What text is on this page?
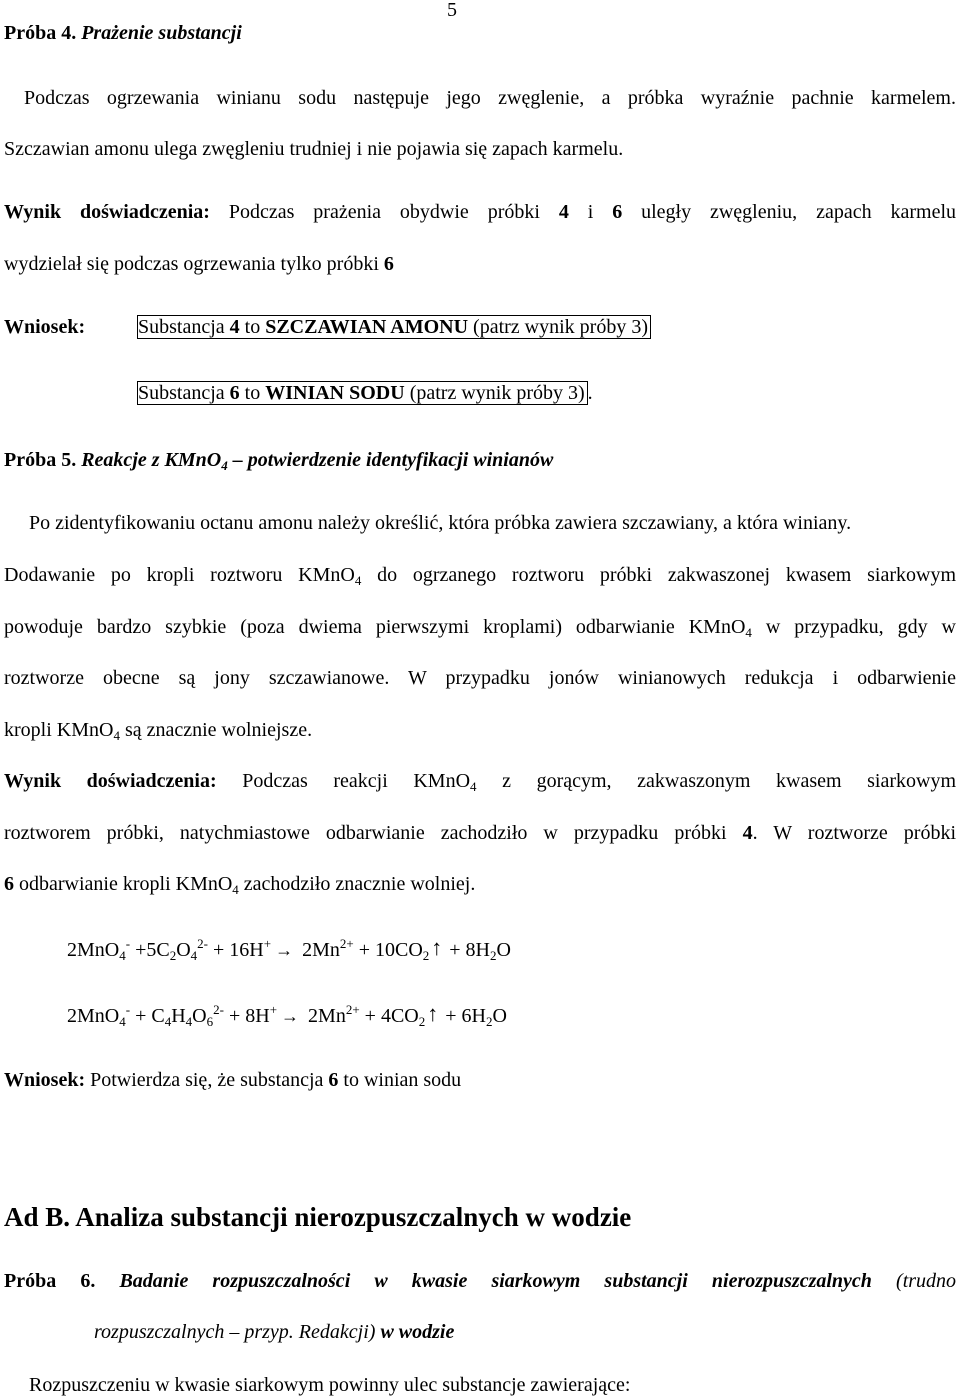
5
Próba 4. Prażenie substancji
Podczas ogrzewania winianu sodu następuje jego zwęglenie, a próbka wyraźnie pachnie karmelem.
Szczawian amonu ulega zwęgleniu trudniej i nie pojawia się zapach karmelu.
Wynik doświadczenia: Podczas prażenia obydwie próbki 4 i 6 uległy zwęgleniu, zapach karmelu
wydzielał się podczas ogrzewania tylko próbki 6
Wniosek:	Substancja 4 to SZCZAWIAN AMONU (patrz wynik próby 3)
Substancja 6 to WINIAN SODU (patrz wynik próby 3) .
Próba 5. Reakcje z KMnO$_4$ – potwierdzenie identyfikacji winianów
Po zidentyfikowaniu octanu amonu należy określić, która próbka zawiera szczawiany, a która winiany.
Dodawanie po kropli roztworu KMnO$_4$ do ogrzanego roztworu próbki zakwaszonej kwasem siarkowym
powoduje bardzo szybkie (poza dwiema pierwszymi kroplami) odbarwianie KMnO$_4$ w przypadku, gdy w
roztworze obecne są jony szczawianowe. W przypadku jonów winianowych redukcja i odbarwienie
kropli KMnO$_4$ są znacznie wolniejsze.
Wynik doświadczenia: Podczas reakcji KMnO$_4$ z gorącym, zakwaszonym kwasem siarkowym
roztworem próbki, natychmiastowe odbarwianie zachodziło w przypadku próbki 4. W roztworze próbki
6 odbarwianie kropli KMnO$_4$ zachodziło znacznie wolniej.
$2MnO_4^- +5C_2O_4^{2-} + 16H^+ \to 2Mn^{2+}$ + $10CO_2↑ + 8H_2O$
$2MnO_4^- + C_4H_4O_6^{2-} + 8H^+ \to 2Mn^{2+}$ + $4CO_2↑ + 6H_2O$
Wniosek: Potwierdza się, że substancja 6 to winian sodu
Ad B. Analiza substancji nierozpuszczalnych w wodzie
Próba 6. Badanie rozpuszczalności w kwasie siarkowym substancji nierozpuszczalnych (trudno
rozpuszczalnych – przyp. Redakcji) w wodzie
Rozpuszczeniu w kwasie siarkowym powinny ulec substancje zawierające:
